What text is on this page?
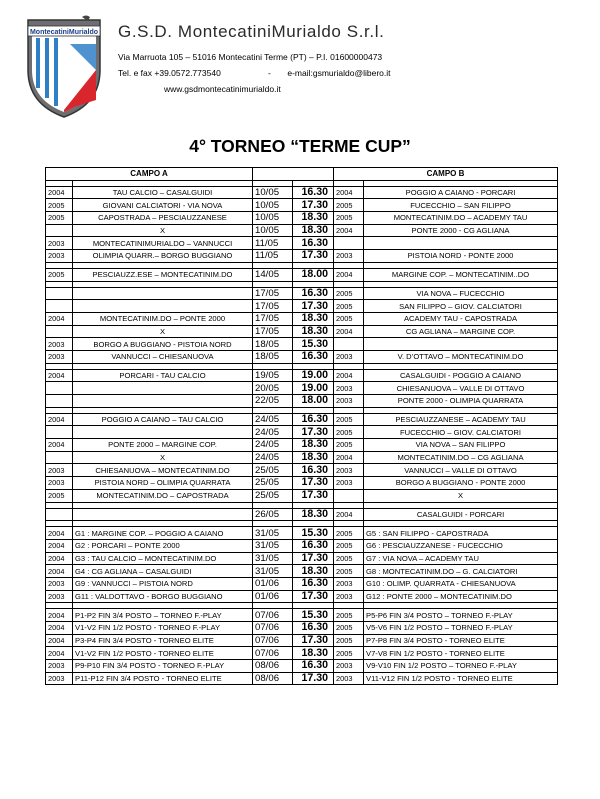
MontecatiniMurialdo G.S.D. MontecatiniMurialdo S.r.l.
Via Marruota 105 – 51016 Montecatini Terme (PT) – P.I. 01600000473
Tel. e fax +39.0572.773540	- e-mail:gsmurialdo@libero.it
www.gsdmontecatinimurialdo.it
4° TORNEO “TERME CUP”
CAMPO A				CAMPO B	

2004	TAU CALCIO – CASALGUIDI	10/05	16.30	2004	POGGIO A CAIANO - PORCARI
2005	GIOVANI CALCIATORI - VIA NOVA	10/05	17.30	2005	FUCECCHIO – SAN FILIPPO
2005	CAPOSTRADA – PESCIAUZZANESE	10/05	18.30	2005	MONTECATINIM.DO – ACADEMY TAU
	X	10/05	18.30	2004	PONTE 2000 - CG AGLIANA
2003	MONTECATINIMURIALDO – VANNUCCI	11/05	16.30		
2003	OLIMPIA QUARR.– BORGO BUGGIANO	11/05	17.30	2003	PISTOIA NORD - PONTE 2000

2005	PESCIAUZZ.ESE – MONTECATINIM.DO	14/05	18.00	2004	MARGINE COP. – MONTECATINIM..DO

		17/05	16.30	2005	VIA NOVA – FUCECCHIO
		17/05	17.30	2005	SAN FILIPPO – GIOV. CALCIATORI
2004	MONTECATINIM.DO – PONTE 2000	17/05	18.30	2005	ACADEMY TAU - CAPOSTRADA
	X	17/05	18.30	2004	CG AGLIANA – MARGINE COP.
2003	BORGO A BUGGIANO - PISTOIA NORD	18/05	15.30		
2003	VANNUCCI – CHIESANUOVA	18/05	16.30	2003	V. D’OTTAVO – MONTECATINIM.DO

2004	PORCARI - TAU CALCIO	19/05	19.00	2004	CASALGUIDI - POGGIO A CAIANO
		20/05	19.00	2003	CHIESANUOVA – VALLE DI OTTAVO
		22/05	18.00	2003	PONTE 2000 - OLIMPIA QUARRATA

2004	POGGIO A CAIANO – TAU CALCIO	24/05	16.30	2005	PESCIAUZZANESE – ACADEMY TAU
		24/05	17.30	2005	FUCECCHIO – GIOV. CALCIATORI
2004	PONTE 2000 – MARGINE COP.	24/05	18.30	2005	VIA NOVA – SAN FILIPPO
	X	24/05	18.30	2004	MONTECATINIM.DO – CG AGLIANA
2003	CHIESANUOVA – MONTECATINIM.DO	25/05	16.30	2003	VANNUCCI – VALLE DI OTTAVO
2003	PISTOIA NORD – OLIMPIA QUARRATA	25/05	17.30	2003	BORGO A BUGGIANO - PONTE 2000
2005	MONTECATINIM.DO – CAPOSTRADA	25/05	17.30		X

		26/05	18.30	2004	CASALGUIDI - PORCARI

2004	G1 : MARGINE COP. – POGGIO A CAIANO	31/05	15.30	2005	G5 : SAN FILIPPO - CAPOSTRADA
2004	G2 : PORCARI – PONTE 2000	31/05	16.30	2005	G6 : PESCIAUZZANESE - FUCECCHIO
2004	G3 : TAU CALCIO – MONTECATINIM.DO	31/05	17.30	2005	G7 : VIA NOVA – ACADEMY TAU
2004	G4 : CG AGLIANA – CASALGUIDI	31/05	18.30	2005	G8 : MONTECATINIM.DO – G. CALCIATORI
2003	G9 : VANNUCCI – PISTOIA NORD	01/06	16.30	2003	G10 : OLIMP. QUARRATA - CHIESANUOVA
2003	G11 : VALDOTTAVO - BORGO BUGGIANO	01/06	17.30	2003	G12 : PONTE 2000 – MONTECATINIM.DO

2004	P1-P2 FIN 3/4 POSTO – TORNEO F.-PLAY	07/06	15.30	2005	P5-P6 FIN 3/4 POSTO – TORNEO F.-PLAY
2004	V1-V2 FIN 1/2 POSTO - TORNEO F.-PLAY	07/06	16.30	2005	V5-V6 FIN 1/2 POSTO – TORNEO F.-PLAY
2004	P3-P4 FIN 3/4 POSTO - TORNEO ELITE	07/06	17.30	2005	P7-P8 FIN 3/4 POSTO - TORNEO ELITE
2004	V1-V2 FIN 1/2 POSTO - TORNEO ELITE	07/06	18.30	2005	V7-V8 FIN 1/2 POSTO - TORNEO ELITE
2003	P9-P10 FIN 3/4 POSTO - TORNEO F.-PLAY	08/06	16.30	2003	V9-V10 FIN 1/2 POSTO – TORNEO F.-PLAY
2003	P11-P12 FIN 3/4 POSTO - TORNEO ELITE	08/06	17.30	2003	V11-V12 FIN 1/2 POSTO - TORNEO ELITE
